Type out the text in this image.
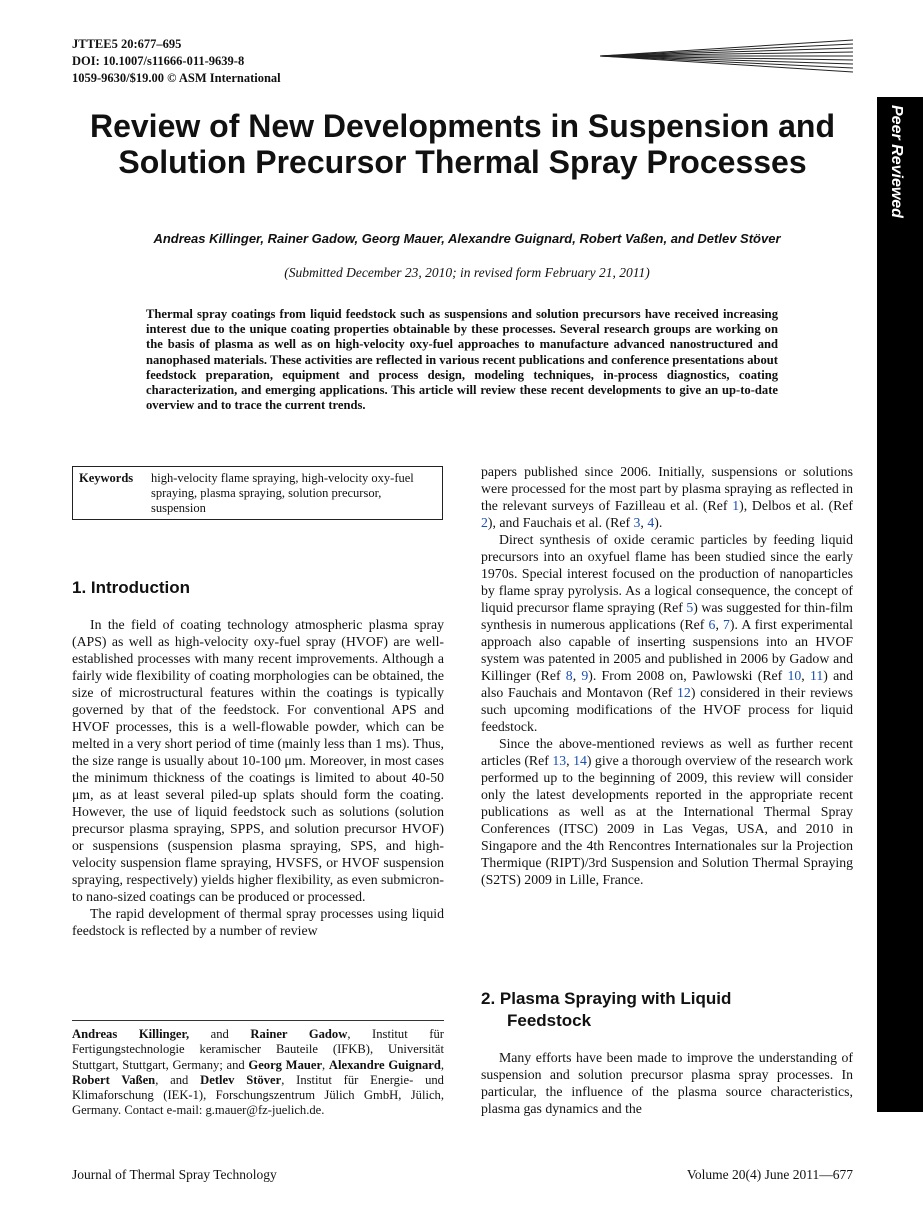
JTTEE5 20:677–695
DOI: 10.1007/s11666-011-9639-8
1059-9630/$19.00 © ASM International
Peer Reviewed
Review of New Developments in Suspension and Solution Precursor Thermal Spray Processes
Andreas Killinger, Rainer Gadow, Georg Mauer, Alexandre Guignard, Robert Vaßen, and Detlev Stöver
(Submitted December 23, 2010; in revised form February 21, 2011)

Thermal spray coatings from liquid feedstock such as suspensions and solution precursors have received increasing interest due to the unique coating properties obtainable by these processes. Several research groups are working on the basis of plasma as well as on high-velocity oxy-fuel approaches to manufacture advanced nanostructured and nanophased materials. These activities are reflected in various recent publications and conference presentations about feedstock preparation, equipment and process design, modeling techniques, in-process diagnostics, coating characterization, and emerging applications. This article will review these recent developments to give an up-to-date overview and to trace the current trends.

Keywords	high-velocity flame spraying, high-velocity oxy-fuel spraying, plasma spraying, solution precursor, suspension
1. Introduction

In the field of coating technology atmospheric plasma spray (APS) as well as high-velocity oxy-fuel spray (HVOF) are well-established processes with many recent improvements. Although a fairly wide flexibility of coating morphologies can be obtained, the size of microstructural features within the coatings is typically governed by that of the feedstock. For conventional APS and HVOF processes, this is a well-flowable powder, which can be melted in a very short period of time (mainly less than 1 ms). Thus, the size range is usually about 10-100 μm. Moreover, in most cases the minimum thickness of the coatings is limited to about 40-50 μm, as at least several piled-up splats should form the coating. However, the use of liquid feedstock such as solutions (solution precursor plasma spraying, SPPS, and solution precursor HVOF) or suspensions (suspension plasma spraying, SPS, and high-velocity suspension flame spraying, HVSFS, or HVOF suspension spraying, respectively) yields higher flexibility, as even submicron- to nano-sized coatings can be produced or processed.

The rapid development of thermal spray processes using liquid feedstock is reflected by a number of review

Andreas Killinger, and Rainer Gadow, Institut für Fertigungstechnologie keramischer Bauteile (IFKB), Universität Stuttgart, Stuttgart, Germany; and Georg Mauer, Alexandre Guignard, Robert Vaßen, and Detlev Stöver, Institut für Energie- und Klimaforschung (IEK-1), Forschungszentrum Jülich GmbH, Jülich, Germany. Contact e-mail: g.mauer@fz-juelich.de.

papers published since 2006. Initially, suspensions or solutions were processed for the most part by plasma spraying as reflected in the relevant surveys of Fazilleau et al. (Ref 1), Delbos et al. (Ref 2), and Fauchais et al. (Ref 3, 4).

Direct synthesis of oxide ceramic particles by feeding liquid precursors into an oxyfuel flame has been studied since the early 1970s. Special interest focused on the production of nanoparticles by flame spray pyrolysis. As a logical consequence, the concept of liquid precursor flame spraying (Ref 5) was suggested for thin-film synthesis in numerous applications (Ref 6, 7). A first experimental approach also capable of inserting suspensions into an HVOF system was patented in 2005 and published in 2006 by Gadow and Killinger (Ref 8, 9). From 2008 on, Pawlowski (Ref 10, 11) and also Fauchais and Montavon (Ref 12) considered in their reviews such upcoming modifications of the HVOF process for liquid feedstock.

Since the above-mentioned reviews as well as further recent articles (Ref 13, 14) give a thorough overview of the research work performed up to the beginning of 2009, this review will consider only the latest developments reported in the appropriate recent publications as well as at the International Thermal Spray Conferences (ITSC) 2009 in Las Vegas, USA, and 2010 in Singapore and the 4th Rencontres Internationales sur la Projection Thermique (RIPT)/3rd Suspension and Solution Thermal Spraying (S2TS) 2009 in Lille, France.

2. Plasma Spraying with Liquid
Feedstock

Many efforts have been made to improve the understanding of suspension and solution precursor plasma spray processes. In particular, the influence of the plasma source characteristics, plasma gas dynamics and the

Journal of Thermal Spray Technology	Volume 20(4) June 2011—677
